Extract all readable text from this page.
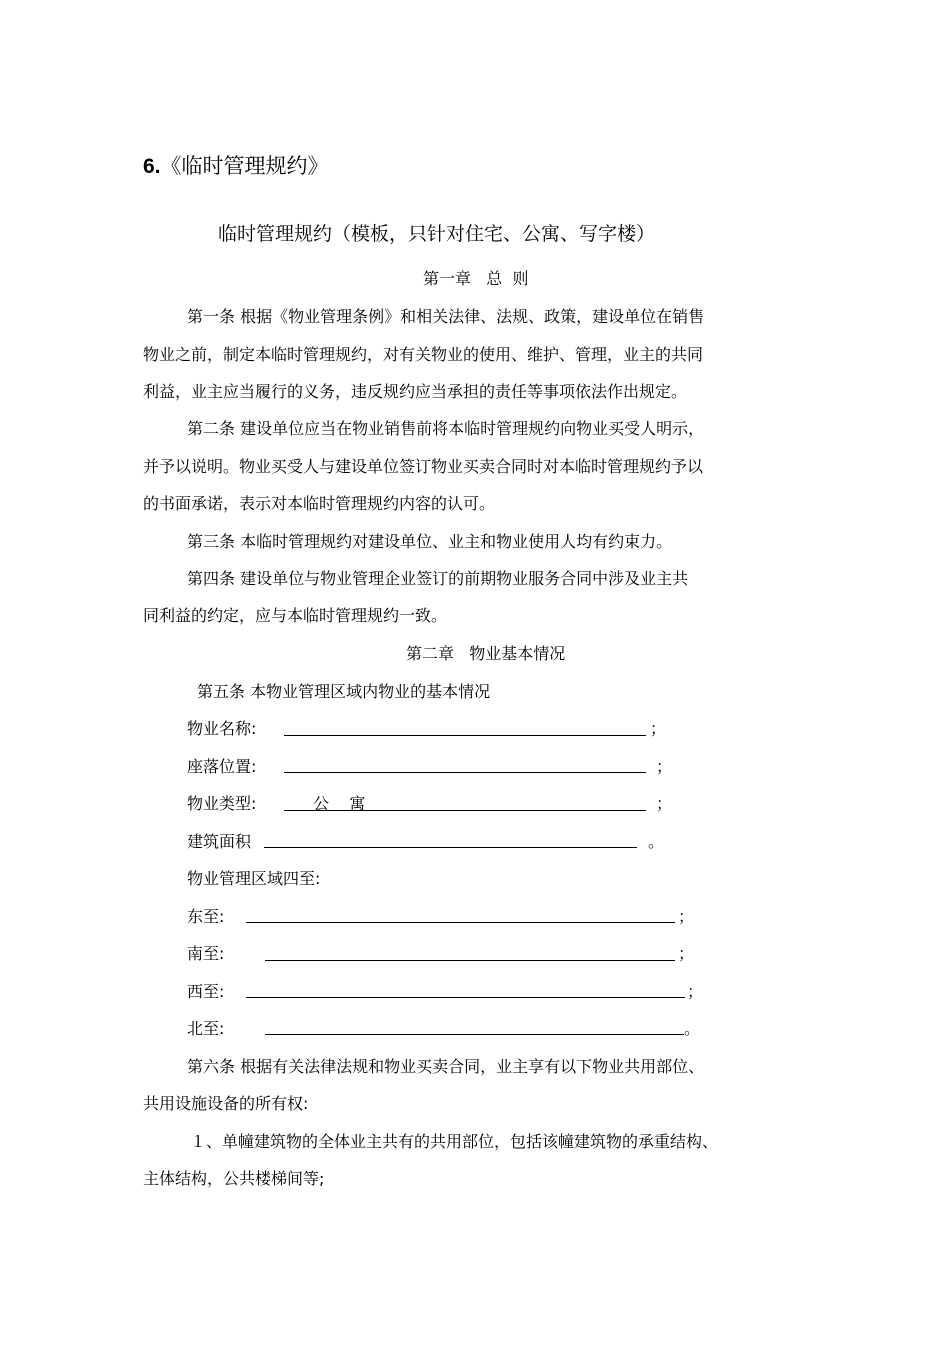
6.《临时管理规约》
临时管理规约（模板，只针对住宅、公寓、写字楼）
第一章 总  则
第一条 根据《物业管理条例》和相关法律、法规、政策，建设单位在销售
物业之前，制定本临时管理规约，对有关物业的使用、维护、管理，业主的共同
利益，业主应当履行的义务，违反规约应当承担的责任等事项依法作出规定。
第二条 建设单位应当在物业销售前将本临时管理规约向物业买受人明示，
并予以说明。物业买受人与建设单位签订物业买卖合同时对本临时管理规约予以
的书面承诺，表示对本临时管理规约内容的认可。
第三条 本临时管理规约对建设单位、业主和物业使用人均有约束力。
第四条 建设单位与物业管理企业签订的前期物业服务合同中涉及业主共
同利益的约定，应与本临时管理规约一致。
第二章 物业基本情况
第五条 本物业管理区域内物业的基本情况
物业名称:	；
座落位置:	；
物业类型:	公    寓	；
建筑面积	。
物业管理区域四至:
东至:	；
南至:	；
西至:	；
北至:	。
第六条 根据有关法律法规和物业买卖合同，业主享有以下物业共用部位、
共用设施设备的所有权:
１、单幢建筑物的全体业主共有的共用部位，包括该幢建筑物的承重结构、
主体结构，公共楼梯间等;
